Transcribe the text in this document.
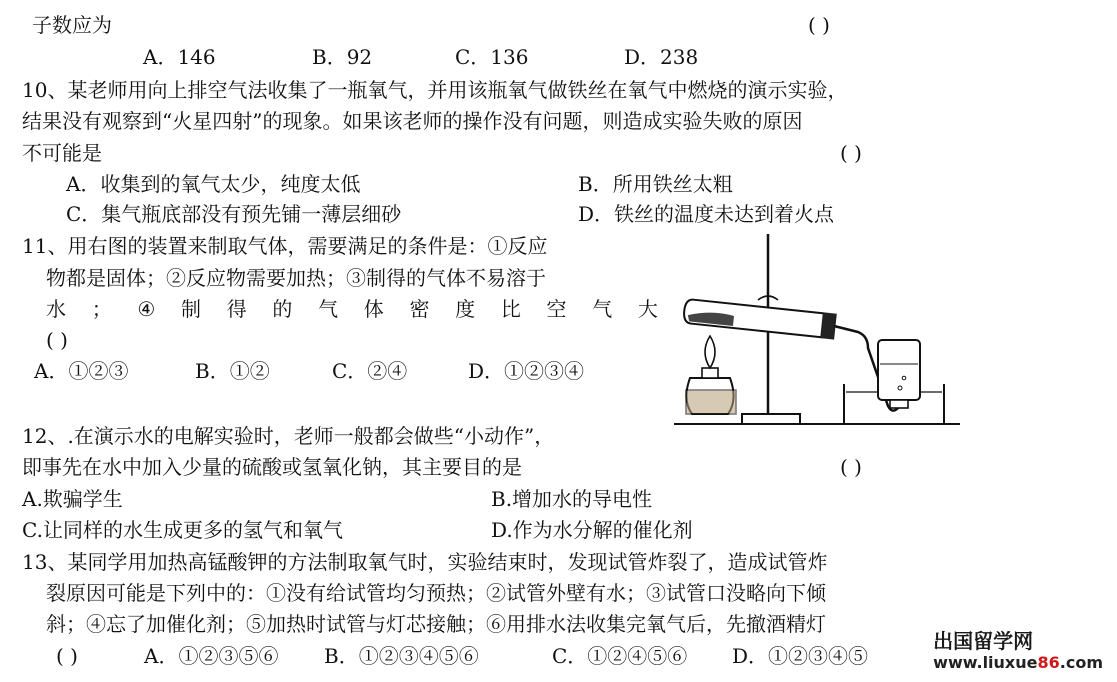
子数应为	( )
A．146	B．92	C．136	D．238
10、某老师用向上排空气法收集了一瓶氧气，并用该瓶氧气做铁丝在氧气中燃烧的演示实验，
结果没有观察到“火星四射”的现象。如果该老师的操作没有问题，则造成实验失败的原因
不可能是	( )
A．收集到的氧气太少，纯度太低	B．所用铁丝太粗
C．集气瓶底部没有预先铺一薄层细砂	D．铁丝的温度未达到着火点
11、用右图的装置来制取气体，需要满足的条件是：①反应
物都是固体；②反应物需要加热；③制得的气体不易溶于
水 ； ④ 制 得 的 气 体 密 度 比 空 气 大
( )
A．①②③	B．①②	C．②④	D．①②③④
12、.在演示水的电解实验时，老师一般都会做些“小动作”，
即事先在水中加入少量的硫酸或氢氧化钠，其主要目的是	( )
A.欺骗学生	B.增加水的导电性
C.让同样的水生成更多的氢气和氧气	D.作为水分解的催化剂
13、某同学用加热高锰酸钾的方法制取氧气时，实验结束时，发现试管炸裂了，造成试管炸
裂原因可能是下列中的：①没有给试管均匀预热；②试管外壁有水；③试管口没略向下倾
斜；④忘了加催化剂；⑤加热时试管与灯芯接触；⑥用排水法收集完氧气后，先撤酒精灯
( )	A．①②③⑤⑥ B．①②③④⑤⑥	C．①②④⑤⑥ D．①②③④⑤
出国留学网
www.liuxue86.com
